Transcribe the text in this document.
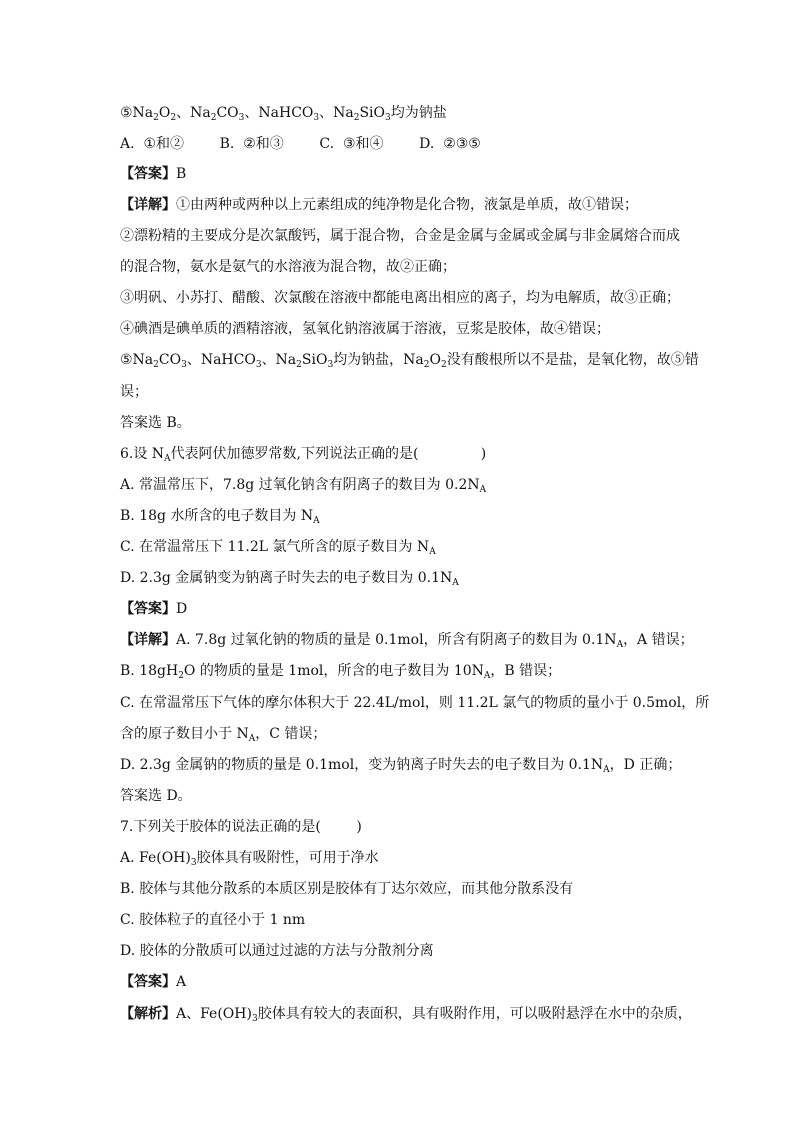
$⑤Na_2O_2$、$Na_2CO_3$、NaHCO$_3$、$Na_2SiO_3$均为钠盐
A.  ①和②        B.  ②和③        C.  ③和④        D.  ②③⑤
【答案】B
【详解】①由两种或两种以上元素组成的纯净物是化合物，液氯是单质，故①错误；
②漂粉精的主要成分是次氯酸钙，属于混合物，合金是金属与金属或金属与非金属熔合而成
的混合物，氨水是氨气的水溶液为混合物，故②正确；
③明矾、小苏打、醋酸、次氯酸在溶液中都能电离出相应的离子，均为电解质，故③正确；
④碘酒是碘单质的酒精溶液，氢氧化钠溶液属于溶液，豆浆是胶体，故④错误；
$⑤Na_2CO_3$、NaHCO$_3$、$Na_2SiO_3$均为钠盐，$Na_2O_2$没有酸根所以不是盐，是氧化物，故⑤错
误；
答案选 B。
6.设 $N_A$代表阿伏加德罗常数,下列说法正确的是(              )
A. 常温常压下，7.8g 过氧化钠含有阴离子的数目为 $0.2N_A$
B. 18g 水所含的电子数目为 $N_A$
C. 在常温常压下 11.2L 氯气所含的原子数目为 $N_A$
D. 2.3g 金属钠变为钠离子时失去的电子数目为 $0.1N_A$
【答案】D
【详解】A. 7.8g 过氧化钠的物质的量是 0.1mol，所含有阴离子的数目为 $0.1N_A$，A 错误；
B. $18gH_2O$ 的物质的量是 1mol，所含的电子数目为 $10N_A$，B 错误；
C. 在常温常压下气体的摩尔体积大于 22.4L/mol，则 11.2L 氯气的物质的量小于 0.5mol，所
含的原子数目小于 $N_A$，C 错误；
D. 2.3g 金属钠的物质的量是 0.1mol，变为钠离子时失去的电子数目为 $0.1N_A$，D 正确；
答案选 D。
7.下列关于胶体的说法正确的是(        )
A. $Fe(OH)_3$胶体具有吸附性，可用于净水
B. 胶体与其他分散系的本质区别是胶体有丁达尔效应，而其他分散系没有
C. 胶体粒子的直径小于 1 nm
D. 胶体的分散质可以通过过滤的方法与分散剂分离
【答案】A
【解析】A、$Fe(OH)_3$胶体具有较大的表面积，具有吸附作用，可以吸附悬浮在水中的杂质，
